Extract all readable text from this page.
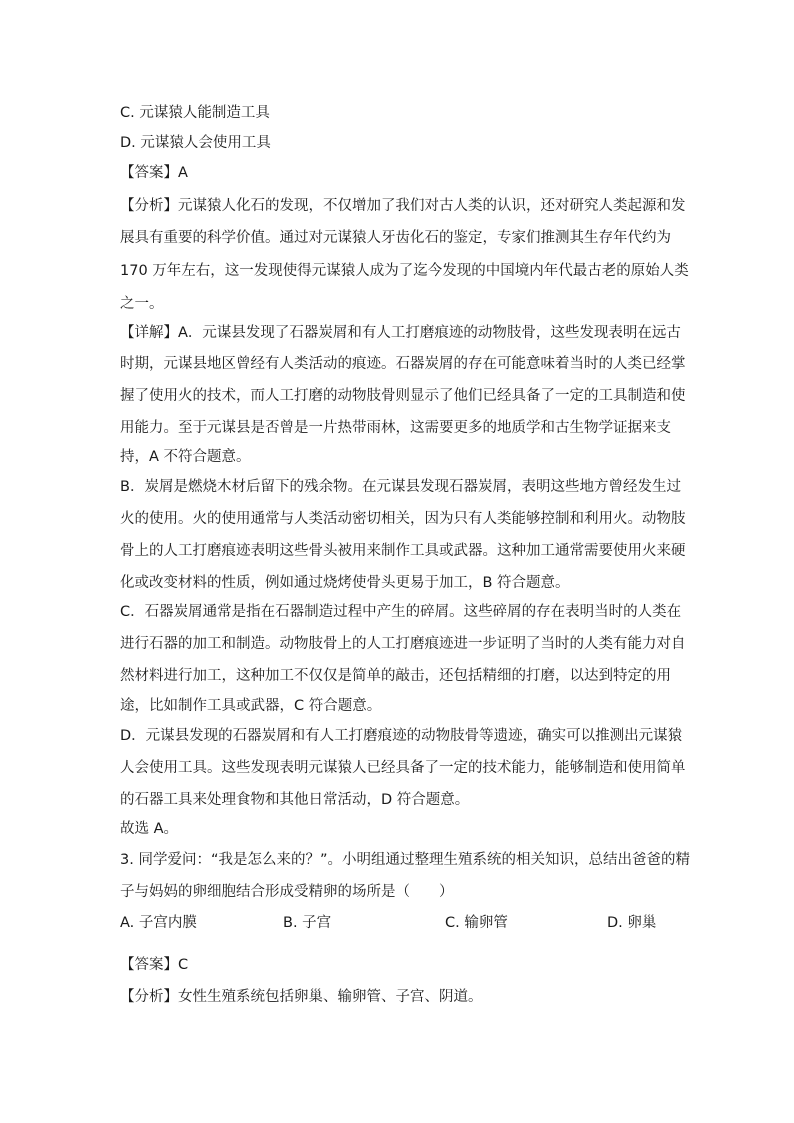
C. 元谋猿人能制造工具
D. 元谋猿人会使用工具
【答案】A
【分析】元谋猿人化石的发现，不仅增加了我们对古人类的认识，还对研究人类起源和发
展具有重要的科学价值。通过对元谋猿人牙齿化石的鉴定，专家们推测其生存年代约为
170 万年左右，这一发现使得元谋猿人成为了迄今发现的中国境内年代最古老的原始人类
之一。
【详解】A．元谋县发现了石器炭屑和有人工打磨痕迹的动物肢骨，这些发现表明在远古
时期，元谋县地区曾经有人类活动的痕迹。石器炭屑的存在可能意味着当时的人类已经掌
握了使用火的技术，而人工打磨的动物肢骨则显示了他们已经具备了一定的工具制造和使
用能力。至于元谋县是否曾是一片热带雨林，这需要更多的地质学和古生物学证据来支
持，A 不符合题意。
B．炭屑是燃烧木材后留下的残余物。在元谋县发现石器炭屑，表明这些地方曾经发生过
火的使用。火的使用通常与人类活动密切相关，因为只有人类能够控制和利用火。动物肢
骨上的人工打磨痕迹表明这些骨头被用来制作工具或武器。这种加工通常需要使用火来硬
化或改变材料的性质，例如通过烧烤使骨头更易于加工，B 符合题意。
C．石器炭屑通常是指在石器制造过程中产生的碎屑。这些碎屑的存在表明当时的人类在
进行石器的加工和制造。动物肢骨上的人工打磨痕迹进一步证明了当时的人类有能力对自
然材料进行加工，这种加工不仅仅是简单的敲击，还包括精细的打磨，以达到特定的用
途，比如制作工具或武器，C 符合题意。
D．元谋县发现的石器炭屑和有人工打磨痕迹的动物肢骨等遗迹，确实可以推测出元谋猿
人会使用工具。这些发现表明元谋猿人已经具备了一定的技术能力，能够制造和使用简单
的石器工具来处理食物和其他日常活动，D 符合题意。
故选 A。
3. 同学爱问：“我是怎么来的？”。小明组通过整理生殖系统的相关知识，总结出爸爸的精
子与妈妈的卵细胞结合形成受精卵的场所是（　　）
A. 子宫内膜	B. 子宫	C. 输卵管	D. 卵巢
【答案】C
【分析】女性生殖系统包括卵巢、输卵管、子宫、阴道。
